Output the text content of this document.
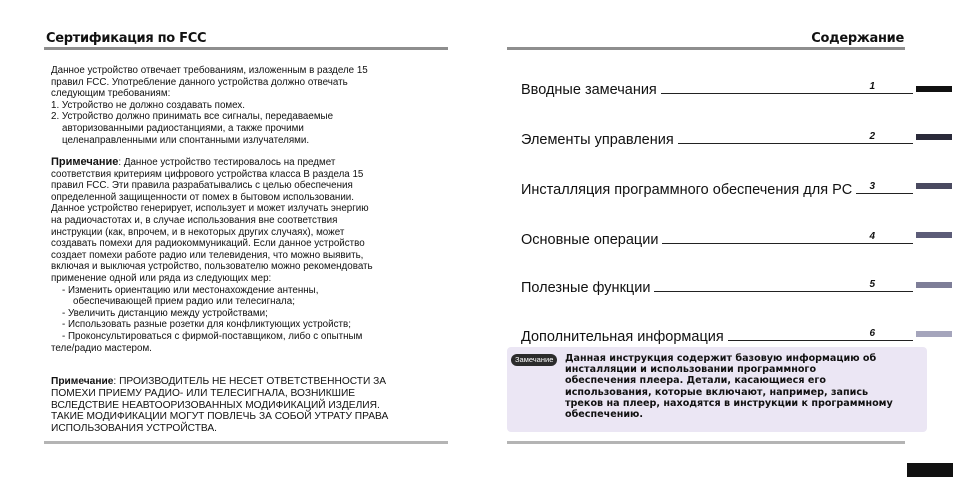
Сертификация по FCC

Данное устройство отвечает требованиям, изложенным в разделе 15

правил FCC. Употребление данного устройства должно отвечать

следующим требованиям:

1. Устройство не должно создавать помех.

2. Устройство должно принимать все сигналы, передаваемые

авторизованными радиостанциями, а также прочими

целенаправленными или спонтанными излучателями.

Примечание: Данное устройство тестировалось на предмет

соответствия критериям цифрового устройства класса B раздела 15

правил FCC. Эти правила разрабатывались с целью обеспечения

определенной защищенности от помех в бытовом использовании.

Данное устройство генерирует, использует и может излучать энергию

на радиочастотах и, в случае использования вне соответствия

инструкции (как, впрочем, и в некоторых других случаях), может

создавать помехи для радиокоммуникаций. Если данное устройство

создает помехи работе радио или телевидения, что можно выявить,

включая и выключая устройство, пользователю можно рекомендовать

применение одной или ряда из следующих мер:

- Изменить ориентацию или местонахождение антенны,

обеспечивающей прием радио или телесигнала;

- Увеличить дистанцию между устройствами;

- Использовать разные розетки для конфликтующих устройств;

- Проконсультироваться с фирмой-поставщиком, либо с опытным

теле/радио мастером.

Примечание: ПРОИЗВОДИТЕЛЬ НЕ НЕСЕТ ОТВЕТСТВЕННОСТИ ЗА

ПОМЕХИ ПРИЕМУ РАДИО- ИЛИ ТЕЛЕСИГНАЛА, ВОЗНИКШИЕ

ВСЛЕДСТВИЕ НЕАВТООРИЗОВАННЫХ МОДИФИКАЦИЙ ИЗДЕЛИЯ.

ТАКИЕ МОДИФИКАЦИИ МОГУТ ПОВЛЕЧЬ ЗА СОБОЙ УТРАТУ ПРАВА

ИСПОЛЬЗОВАНИЯ УСТРОЙСТВА.

Содержание
Вводные замечания	1
Элементы управления	2
Инсталляция программного обеспечения для PC	3
Основные операции	4
Полезные функции	5
Дополнительная информация	6
Замечание	Данная инструкция содержит базовую информацию об
инсталляции и использовании программного
обеспечения плеера. Детали, касающиеся его
использования, которые включают, например, запись
треков на плеер, находятся в инструкции к программному
обеспечению.
